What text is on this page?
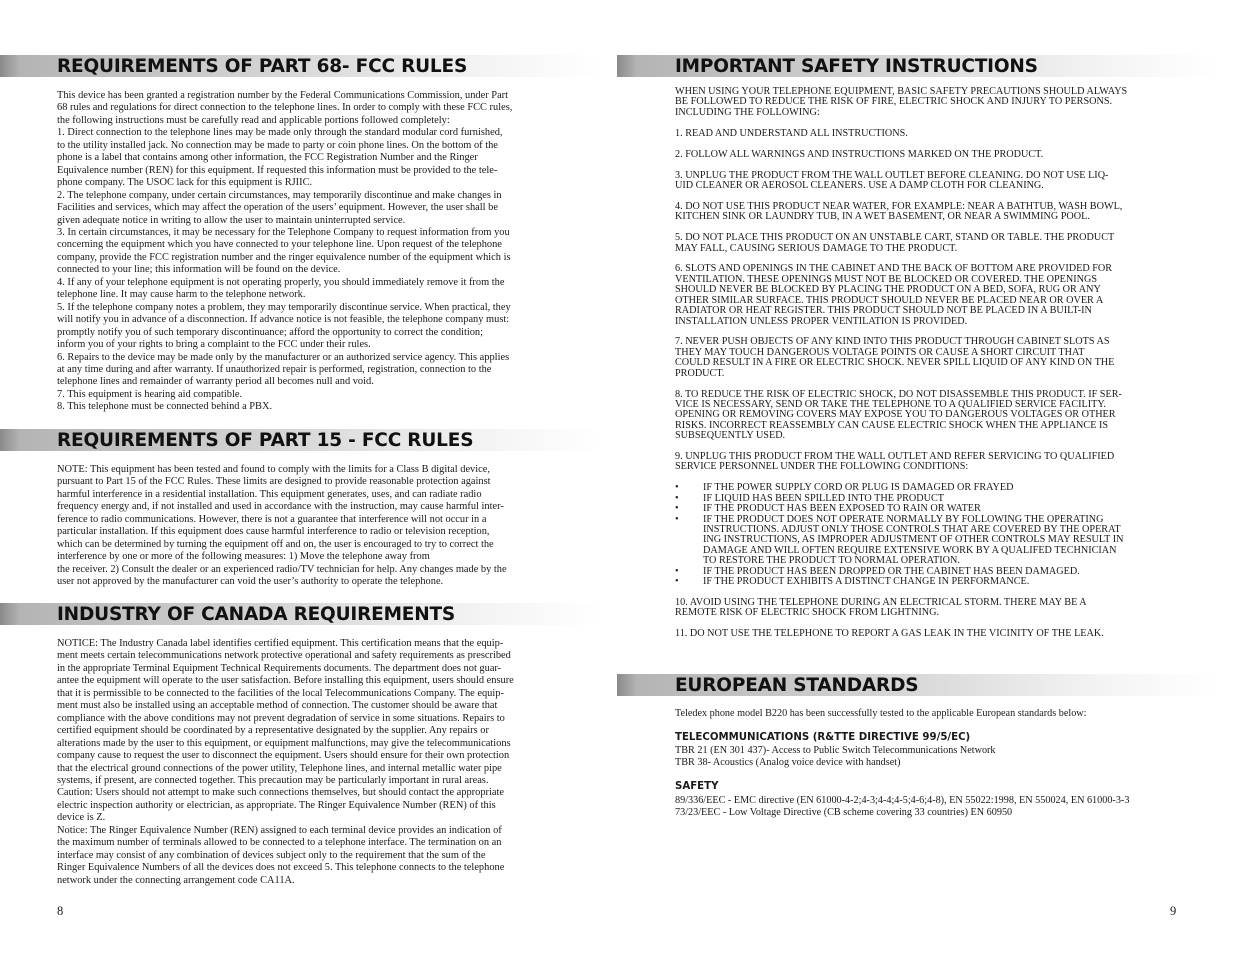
REQUIREMENTS OF PART 68- FCC RULES

This device has been granted a registration number by the Federal Communications Commission, under Part

68 rules and regulations for direct connection to the telephone lines. In order to comply with these FCC rules,

the following instructions must be carefully read and applicable portions followed completely:

1. Direct connection to the telephone lines may be made only through the standard modular cord furnished,

to the utility installed jack. No connection may be made to party or coin phone lines. On the bottom of the

phone is a label that contains among other information, the FCC Registration Number and the Ringer

Equivalence number (REN) for this equipment. If requested this information must be provided to the tele-

phone company. The USOC lack for this equipment is RJIIC.

2. The telephone company, under certain circumstances, may temporarily discontinue and make changes in

Facilities and services, which may affect the operation of the users’ equipment. However, the user shall be

given adequate notice in writing to allow the user to maintain uninterrupted service.

3. In certain circumstances, it may be necessary for the Telephone Company to request information from you

concerning the equipment which you have connected to your telephone line. Upon request of the telephone

company, provide the FCC registration number and the ringer equivalence number of the equipment which is

connected to your line; this information will be found on the device.

4. If any of your telephone equipment is not operating properly, you should immediately remove it from the

telephone line. It may cause harm to the telephone network.

5. If the telephone company notes a problem, they may temporarily discontinue service. When practical, they

will notify you in advance of a disconnection. If advance notice is not feasible, the telephone company must:

promptly notify you of such temporary discontinuance; afford the opportunity to correct the condition;

inform you of your rights to bring a complaint to the FCC under their rules.

6. Repairs to the device may be made only by the manufacturer or an authorized service agency. This applies

at any time during and after warranty. If unauthorized repair is performed, registration, connection to the

telephone lines and remainder of warranty period all becomes null and void.

7. This equipment is hearing aid compatible.

8. This telephone must be connected behind a PBX.

REQUIREMENTS OF PART 15 - FCC RULES

NOTE: This equipment has been tested and found to comply with the limits for a Class B digital device,

pursuant to Part 15 of the FCC Rules. These limits are designed to provide reasonable protection against

harmful interference in a residential installation. This equipment generates, uses, and can radiate radio

frequency energy and, if not installed and used in accordance with the instruction, may cause harmful inter-

ference to radio communications. However, there is not a guarantee that interference will not occur in a

particular installation. If this equipment does cause harmful interference to radio or television reception,

which can be determined by turning the equipment off and on, the user is encouraged to try to correct the

interference by one or more of the following measures: 1) Move the telephone away from

the receiver. 2) Consult the dealer or an experienced radio/TV technician for help. Any changes made by the

user not approved by the manufacturer can void the user’s authority to operate the telephone.

INDUSTRY OF CANADA REQUIREMENTS

NOTICE: The Industry Canada label identifies certified equipment. This certification means that the equip-

ment meets certain telecommunications network protective operational and safety requirements as prescribed

in the appropriate Terminal Equipment Technical Requirements documents. The department does not guar-

antee the equipment will operate to the user satisfaction. Before installing this equipment, users should ensure

that it is permissible to be connected to the facilities of the local Telecommunications Company. The equip-

ment must also be installed using an acceptable method of connection. The customer should be aware that

compliance with the above conditions may not prevent degradation of service in some situations. Repairs to

certified equipment should be coordinated by a representative designated by the supplier. Any repairs or

alterations made by the user to this equipment, or equipment malfunctions, may give the telecommunications

company cause to request the user to disconnect the equipment. Users should ensure for their own protection

that the electrical ground connections of the power utility, Telephone lines, and internal metallic water pipe

systems, if present, are connected together. This precaution may be particularly important in rural areas.

Caution: Users should not attempt to make such connections themselves, but should contact the appropriate

electric inspection authority or electrician, as appropriate. The Ringer Equivalence Number (REN) of this

device is Z.

Notice: The Ringer Equivalence Number (REN) assigned to each terminal device provides an indication of

the maximum number of terminals allowed to be connected to a telephone interface. The termination on an

interface may consist of any combination of devices subject only to the requirement that the sum of the

Ringer Equivalence Numbers of all the devices does not exceed 5. This telephone connects to the telephone

network under the connecting arrangement code CA11A.

8
IMPORTANT SAFETY INSTRUCTIONS

WHEN USING YOUR TELEPHONE EQUIPMENT, BASIC SAFETY PRECAUTIONS SHOULD ALWAYS
BE FOLLOWED TO REDUCE THE RISK OF FIRE, ELECTRIC SHOCK AND INJURY TO PERSONS.
INCLUDING THE FOLLOWING:

1. READ AND UNDERSTAND ALL INSTRUCTIONS.

2. FOLLOW ALL WARNINGS AND INSTRUCTIONS MARKED ON THE PRODUCT.

3. UNPLUG THE PRODUCT FROM THE WALL OUTLET BEFORE CLEANING. DO NOT USE LIQ-
UID CLEANER OR AEROSOL CLEANERS. USE A DAMP CLOTH FOR CLEANING.

4. DO NOT USE THIS PRODUCT NEAR WATER, FOR EXAMPLE: NEAR A BATHTUB, WASH BOWL,
KITCHEN SINK OR LAUNDRY TUB, IN A WET BASEMENT, OR NEAR A SWIMMING POOL.

5. DO NOT PLACE THIS PRODUCT ON AN UNSTABLE CART, STAND OR TABLE. THE PRODUCT
MAY FALL, CAUSING SERIOUS DAMAGE TO THE PRODUCT.

6. SLOTS AND OPENINGS IN THE CABINET AND THE BACK OF BOTTOM ARE PROVIDED FOR
VENTILATION. THESE OPENINGS MUST NOT BE BLOCKED OR COVERED. THE OPENINGS
SHOULD NEVER BE BLOCKED BY PLACING THE PRODUCT ON A BED, SOFA, RUG OR ANY
OTHER SIMILAR SURFACE. THIS PRODUCT SHOULD NEVER BE PLACED NEAR OR OVER A
RADIATOR OR HEAT REGISTER. THIS PRODUCT SHOULD NOT BE PLACED IN A BUILT-IN
INSTALLATION UNLESS PROPER VENTILATION IS PROVIDED.

7. NEVER PUSH OBJECTS OF ANY KIND INTO THIS PRODUCT THROUGH CABINET SLOTS AS
THEY MAY TOUCH DANGEROUS VOLTAGE POINTS OR CAUSE A SHORT CIRCUIT THAT
COULD RESULT IN A FIRE OR ELECTRIC SHOCK. NEVER SPILL LIQUID OF ANY KIND ON THE
PRODUCT.

8. TO REDUCE THE RISK OF ELECTRIC SHOCK, DO NOT DISASSEMBLE THIS PRODUCT. IF SER-
VICE IS NECESSARY, SEND OR TAKE THE TELEPHONE TO A QUALIFIED SERVICE FACILITY.
OPENING OR REMOVING COVERS MAY EXPOSE YOU TO DANGEROUS VOLTAGES OR OTHER
RISKS. INCORRECT REASSEMBLY CAN CAUSE ELECTRIC SHOCK WHEN THE APPLIANCE IS
SUBSEQUENTLY USED.

9. UNPLUG THIS PRODUCT FROM THE WALL OUTLET AND REFER SERVICING TO QUALIFIED
SERVICE PERSONNEL UNDER THE FOLLOWING CONDITIONS:

• IF THE POWER SUPPLY CORD OR PLUG IS DAMAGED OR FRAYED
• IF LIQUID HAS BEEN SPILLED INTO THE PRODUCT
• IF THE PRODUCT HAS BEEN EXPOSED TO RAIN OR WATER
• IF THE PRODUCT DOES NOT OPERATE NORMALLY BY FOLLOWING THE OPERATING
INSTRUCTIONS. ADJUST ONLY THOSE CONTROLS THAT ARE COVERED BY THE OPERAT
ING INSTRUCTIONS, AS IMPROPER ADJUSTMENT OF OTHER CONTROLS MAY RESULT IN
DAMAGE AND WILL OFTEN REQUIRE EXTENSIVE WORK BY A QUALIFED TECHNICIAN
TO RESTORE THE PRODUCT TO NORMAL OPERATION.
• IF THE PRODUCT HAS BEEN DROPPED OR THE CABINET HAS BEEN DAMAGED.
• IF THE PRODUCT EXHIBITS A DISTINCT CHANGE IN PERFORMANCE.

10. AVOID USING THE TELEPHONE DURING AN ELECTRICAL STORM. THERE MAY BE A
REMOTE RISK OF ELECTRIC SHOCK FROM LIGHTNING.

11. DO NOT USE THE TELEPHONE TO REPORT A GAS LEAK IN THE VICINITY OF THE LEAK.

EUROPEAN STANDARDS

Teledex phone model B220 has been successfully tested to the applicable European standards below:

TELECOMMUNICATIONS (R&TTE DIRECTIVE 99/5/EC)

TBR 21 (EN 301 437)- Access to Public Switch Telecommunications Network

TBR 38- Acoustics (Analog voice device with handset)

SAFETY

89/336/EEC - EMC directive (EN 61000-4-2;4-3;4-4;4-5;4-6;4-8), EN 55022:1998, EN 550024, EN 61000-3-3

73/23/EEC - Low Voltage Directive (CB scheme covering 33 countries) EN 60950

9
